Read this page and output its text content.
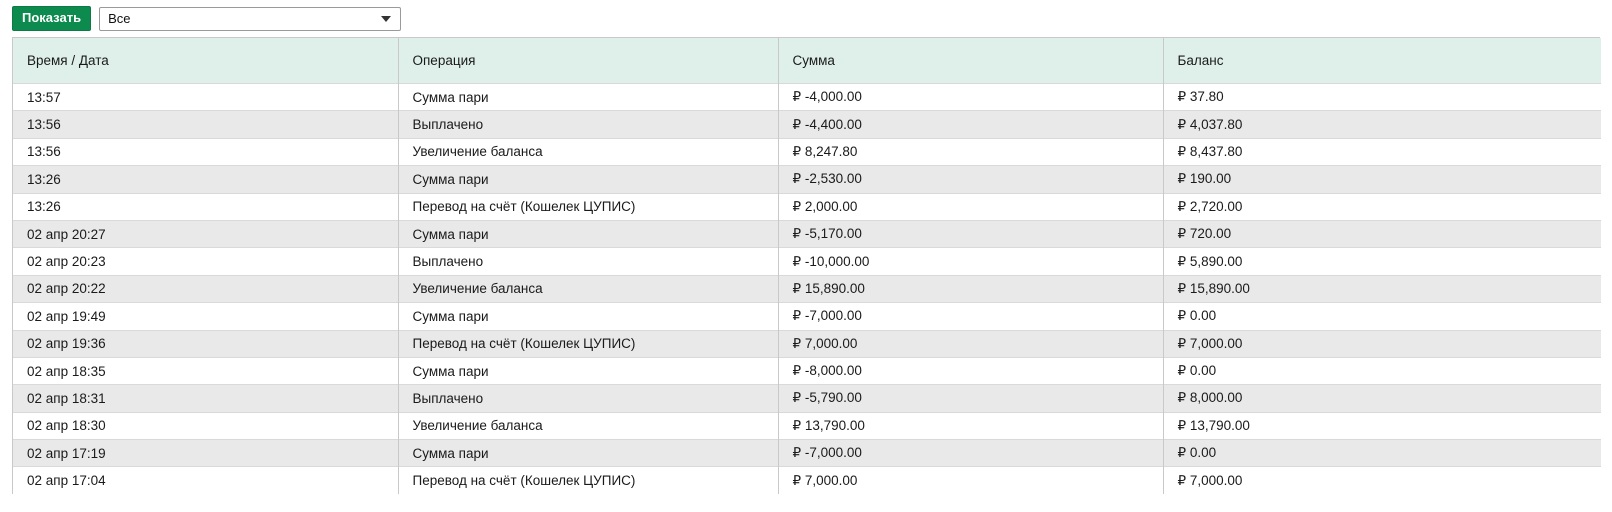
Показать
Все
Время / Дата	Операция	Сумма	Баланс
13:57	Сумма пари	₽ -4,000.00	₽ 37.80
13:56	Выплачено	₽ -4,400.00	₽ 4,037.80
13:56	Увеличение баланса	₽ 8,247.80	₽ 8,437.80
13:26	Сумма пари	₽ -2,530.00	₽ 190.00
13:26	Перевод на счёт (Кошелек ЦУПИС)	₽ 2,000.00	₽ 2,720.00
02 апр 20:27	Сумма пари	₽ -5,170.00	₽ 720.00
02 апр 20:23	Выплачено	₽ -10,000.00	₽ 5,890.00
02 апр 20:22	Увеличение баланса	₽ 15,890.00	₽ 15,890.00
02 апр 19:49	Сумма пари	₽ -7,000.00	₽ 0.00
02 апр 19:36	Перевод на счёт (Кошелек ЦУПИС)	₽ 7,000.00	₽ 7,000.00
02 апр 18:35	Сумма пари	₽ -8,000.00	₽ 0.00
02 апр 18:31	Выплачено	₽ -5,790.00	₽ 8,000.00
02 апр 18:30	Увеличение баланса	₽ 13,790.00	₽ 13,790.00
02 апр 17:19	Сумма пари	₽ -7,000.00	₽ 0.00
02 апр 17:04	Перевод на счёт (Кошелек ЦУПИС)	₽ 7,000.00	₽ 7,000.00
